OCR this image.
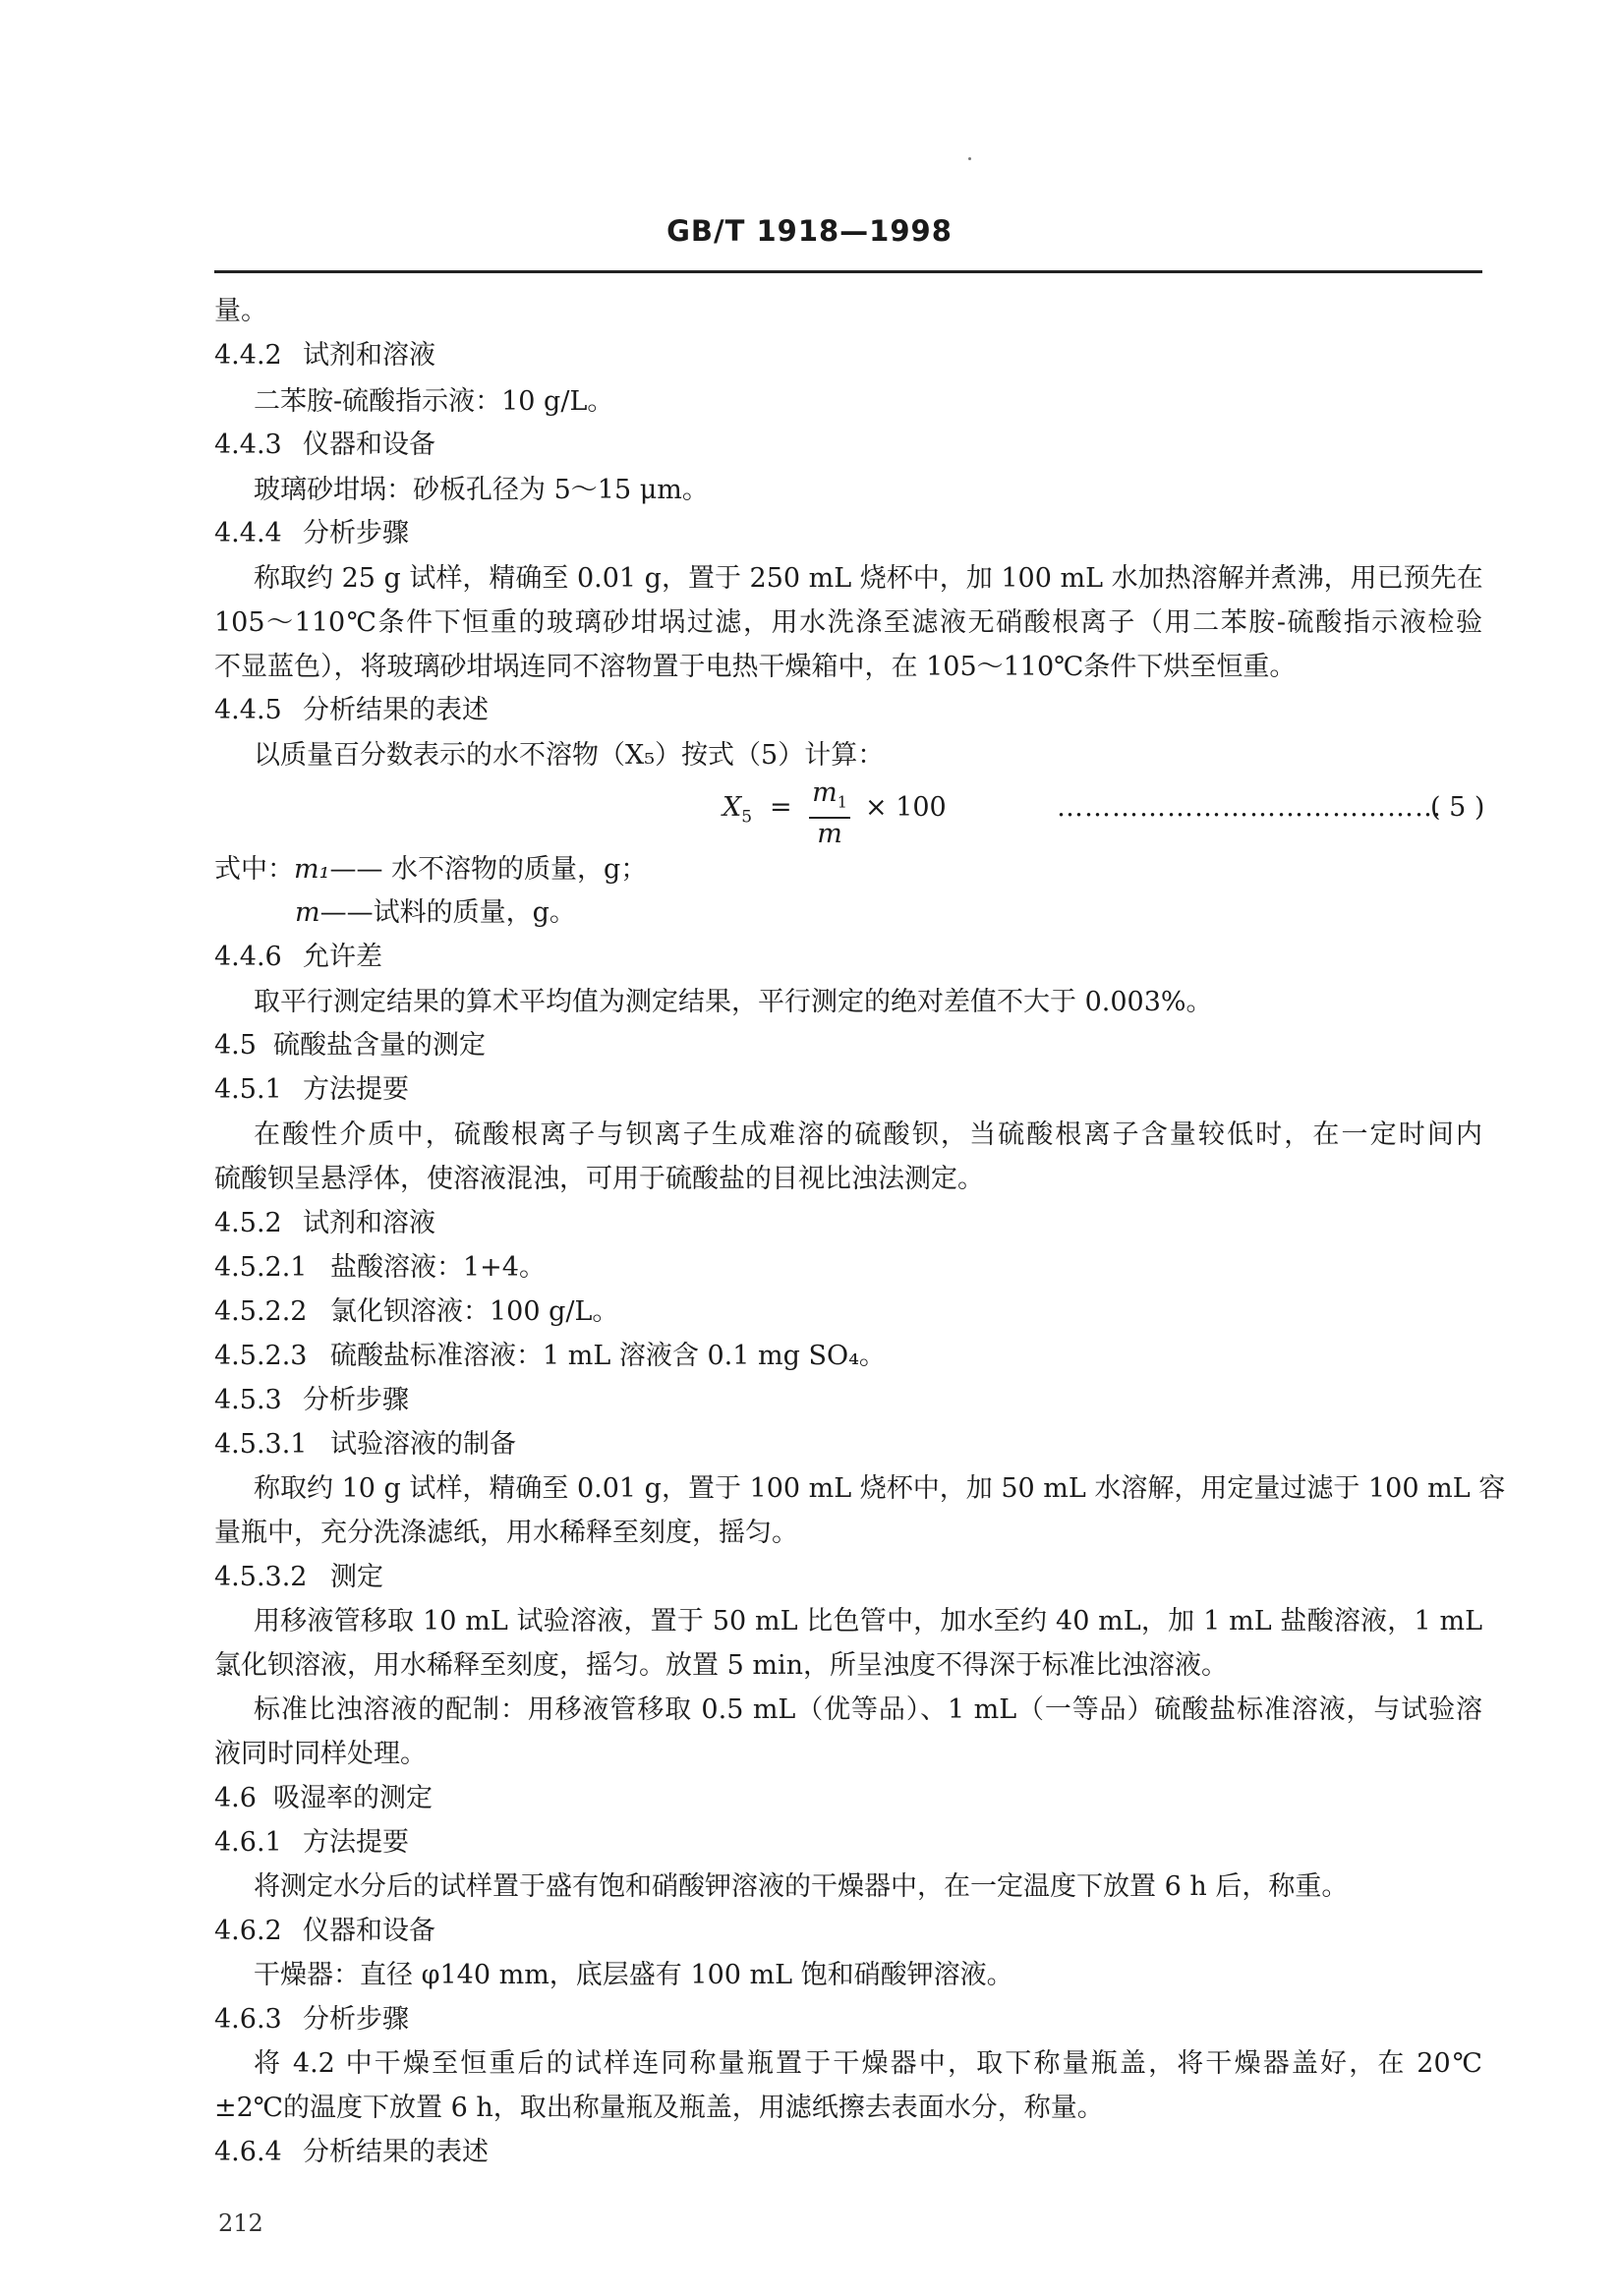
GB/T 1918—1998
量。
4.4.2 试剂和溶液
二苯胺-硫酸指示液：10 g/L。
4.4.3 仪器和设备
玻璃砂坩埚：砂板孔径为 5～15 μm。
4.4.4 分析步骤
称取约 25 g 试样，精确至 0.01 g，置于 250 mL 烧杯中，加 100 mL 水加热溶解并煮沸，用已预先在
105～110℃条件下恒重的玻璃砂坩埚过滤，用水洗涤至滤液无硝酸根离子（用二苯胺-硫酸指示液检验
不显蓝色），将玻璃砂坩埚连同不溶物置于电热干燥箱中，在 105～110℃条件下烘至恒重。
4.4.5 分析结果的表述
以质量百分数表示的水不溶物（X₅）按式（5）计算：
$X_5 = \frac{m_1}{m} \times 100$	……………………………………
( 5 )
式中：m₁—— 水不溶物的质量，g；
m——试料的质量，g。
4.4.6 允许差
取平行测定结果的算术平均值为测定结果，平行测定的绝对差值不大于 0.003%。
4.5 硫酸盐含量的测定
4.5.1 方法提要
在酸性介质中，硫酸根离子与钡离子生成难溶的硫酸钡，当硫酸根离子含量较低时，在一定时间内
硫酸钡呈悬浮体，使溶液混浊，可用于硫酸盐的目视比浊法测定。
4.5.2 试剂和溶液
4.5.2.1 盐酸溶液：1+4。
4.5.2.2 氯化钡溶液：100 g/L。
4.5.2.3 硫酸盐标准溶液：1 mL 溶液含 0.1 mg SO₄。
4.5.3 分析步骤
4.5.3.1 试验溶液的制备
称取约 10 g 试样，精确至 0.01 g，置于 100 mL 烧杯中，加 50 mL 水溶解，用定量过滤于 100 mL 容
量瓶中，充分洗涤滤纸，用水稀释至刻度，摇匀。
4.5.3.2 测定
用移液管移取 10 mL 试验溶液，置于 50 mL 比色管中，加水至约 40 mL，加 1 mL 盐酸溶液，1 mL
氯化钡溶液，用水稀释至刻度，摇匀。放置 5 min，所呈浊度不得深于标准比浊溶液。
标准比浊溶液的配制：用移液管移取 0.5 mL（优等品）、1 mL（一等品）硫酸盐标准溶液，与试验溶
液同时同样处理。
4.6 吸湿率的测定
4.6.1 方法提要
将测定水分后的试样置于盛有饱和硝酸钾溶液的干燥器中，在一定温度下放置 6 h 后，称重。
4.6.2 仪器和设备
干燥器：直径 φ140 mm，底层盛有 100 mL 饱和硝酸钾溶液。
4.6.3 分析步骤
将 4.2 中干燥至恒重后的试样连同称量瓶置于干燥器中，取下称量瓶盖，将干燥器盖好，在 20℃
±2℃的温度下放置 6 h，取出称量瓶及瓶盖，用滤纸擦去表面水分，称量。
4.6.4 分析结果的表述
212
